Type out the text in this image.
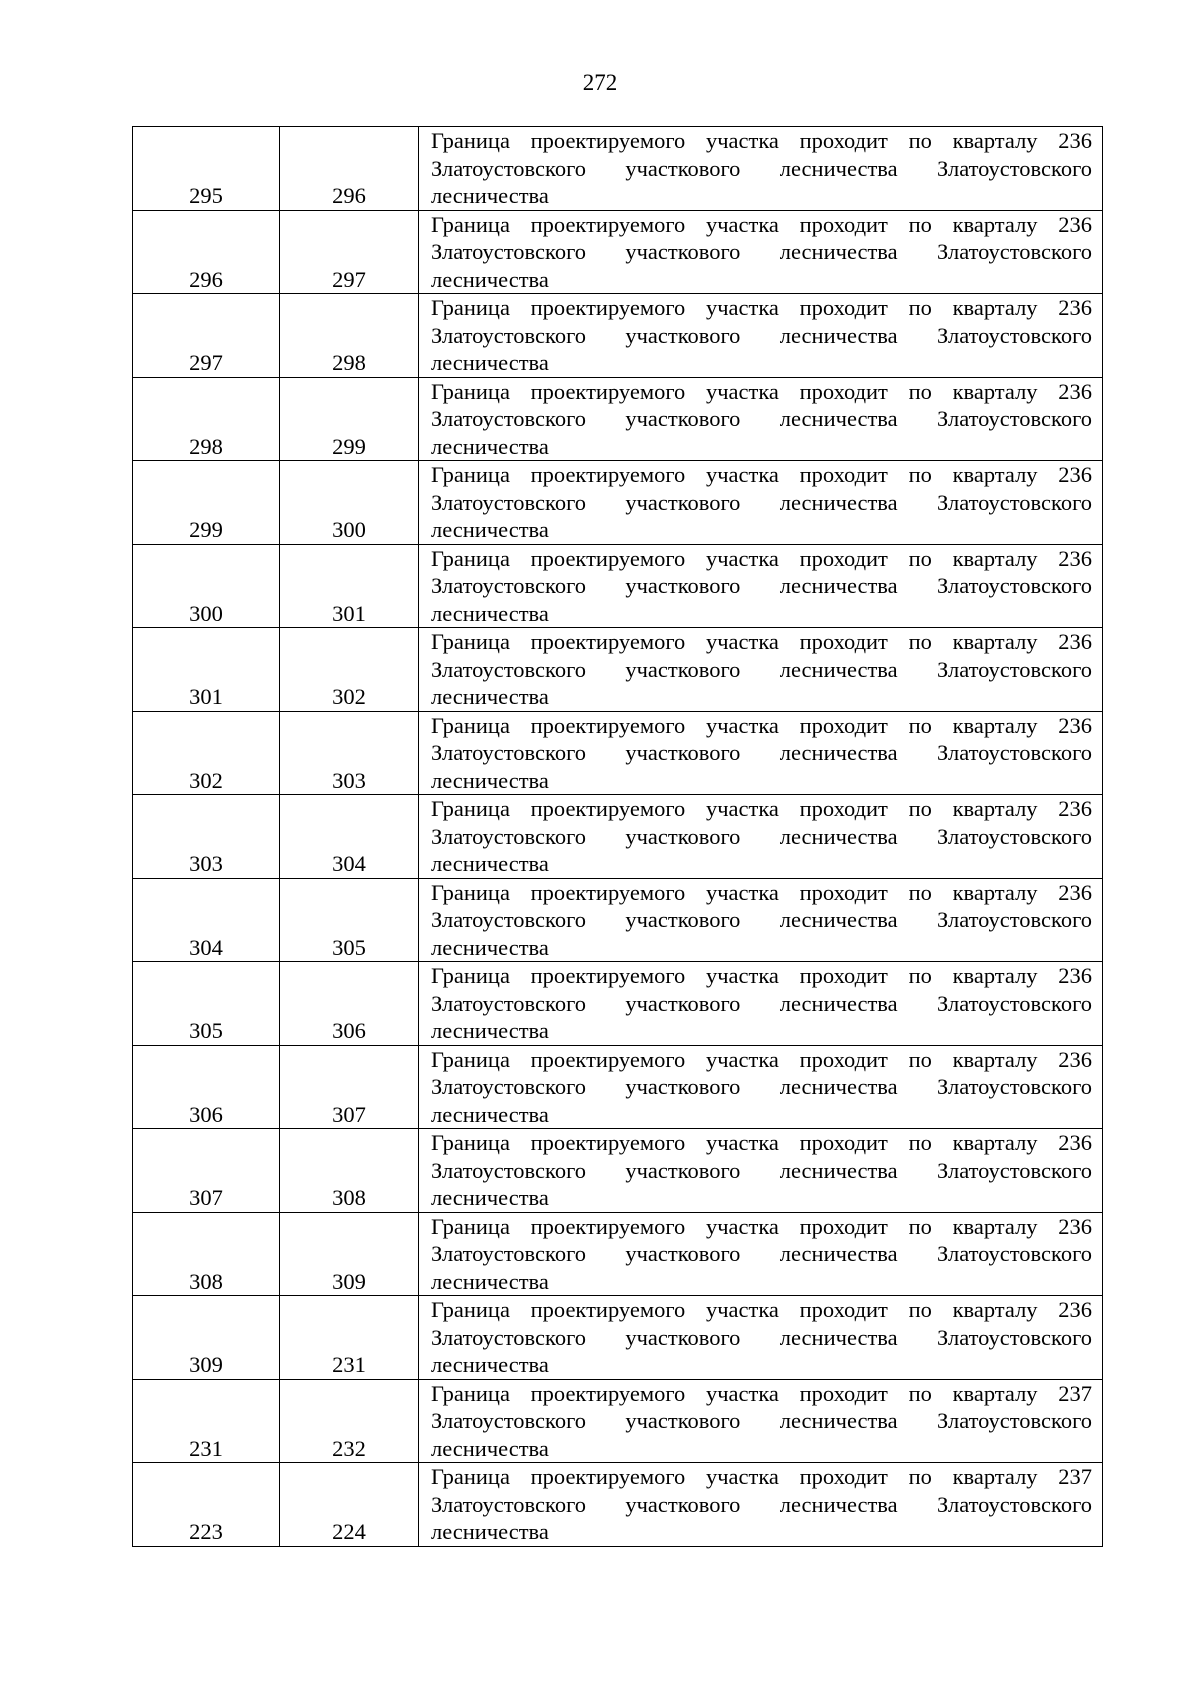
272
295	296	Граница проектируемого участка проходит по кварталу 236 Златоустовского участкового лесничества Златоустовского лесничества
296	297	Граница проектируемого участка проходит по кварталу 236 Златоустовского участкового лесничества Златоустовского лесничества
297	298	Граница проектируемого участка проходит по кварталу 236 Златоустовского участкового лесничества Златоустовского лесничества
298	299	Граница проектируемого участка проходит по кварталу 236 Златоустовского участкового лесничества Златоустовского лесничества
299	300	Граница проектируемого участка проходит по кварталу 236 Златоустовского участкового лесничества Златоустовского лесничества
300	301	Граница проектируемого участка проходит по кварталу 236 Златоустовского участкового лесничества Златоустовского лесничества
301	302	Граница проектируемого участка проходит по кварталу 236 Златоустовского участкового лесничества Златоустовского лесничества
302	303	Граница проектируемого участка проходит по кварталу 236 Златоустовского участкового лесничества Златоустовского лесничества
303	304	Граница проектируемого участка проходит по кварталу 236 Златоустовского участкового лесничества Златоустовского лесничества
304	305	Граница проектируемого участка проходит по кварталу 236 Златоустовского участкового лесничества Златоустовского лесничества
305	306	Граница проектируемого участка проходит по кварталу 236 Златоустовского участкового лесничества Златоустовского лесничества
306	307	Граница проектируемого участка проходит по кварталу 236 Златоустовского участкового лесничества Златоустовского лесничества
307	308	Граница проектируемого участка проходит по кварталу 236 Златоустовского участкового лесничества Златоустовского лесничества
308	309	Граница проектируемого участка проходит по кварталу 236 Златоустовского участкового лесничества Златоустовского лесничества
309	231	Граница проектируемого участка проходит по кварталу 236 Златоустовского участкового лесничества Златоустовского лесничества
231	232	Граница проектируемого участка проходит по кварталу 237 Златоустовского участкового лесничества Златоустовского лесничества
223	224	Граница проектируемого участка проходит по кварталу 237 Златоустовского участкового лесничества Златоустовского лесничества
